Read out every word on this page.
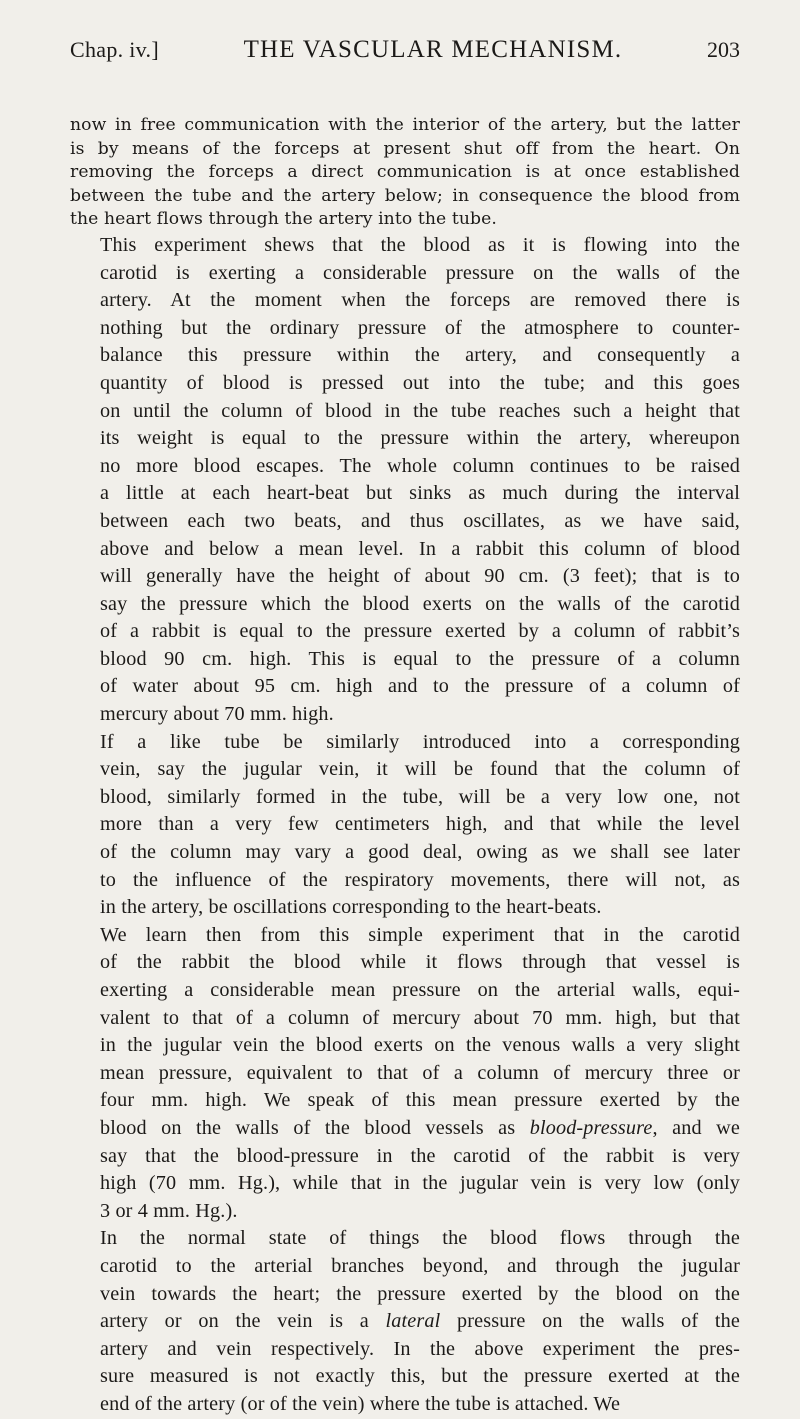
Chap. iv.]	THE VASCULAR MECHANISM.	203
now in free communication with the interior of the artery, but the latter
is by means of the forceps at present shut off from the heart. On
removing the forceps a direct communication is at once established
between the tube and the artery below; in consequence the blood from
the heart flows through the artery into the tube.
This experiment shews that the blood as it is flowing into the
carotid is exerting a considerable pressure on the walls of the
artery. At the moment when the forceps are removed there is
nothing but the ordinary pressure of the atmosphere to counter-
balance this pressure within the artery, and consequently a
quantity of blood is pressed out into the tube; and this goes
on until the column of blood in the tube reaches such a height that
its weight is equal to the pressure within the artery, whereupon
no more blood escapes. The whole column continues to be raised
a little at each heart-beat but sinks as much during the interval
between each two beats, and thus oscillates, as we have said,
above and below a mean level. In a rabbit this column of blood
will generally have the height of about 90 cm. (3 feet); that is to
say the pressure which the blood exerts on the walls of the carotid
of a rabbit is equal to the pressure exerted by a column of rabbit’s
blood 90 cm. high. This is equal to the pressure of a column
of water about 95 cm. high and to the pressure of a column of
mercury about 70 mm. high.
If a like tube be similarly introduced into a corresponding
vein, say the jugular vein, it will be found that the column of
blood, similarly formed in the tube, will be a very low one, not
more than a very few centimeters high, and that while the level
of the column may vary a good deal, owing as we shall see later
to the influence of the respiratory movements, there will not, as
in the artery, be oscillations corresponding to the heart-beats.
We learn then from this simple experiment that in the carotid
of the rabbit the blood while it flows through that vessel is
exerting a considerable mean pressure on the arterial walls, equi-
valent to that of a column of mercury about 70 mm. high, but that
in the jugular vein the blood exerts on the venous walls a very slight
mean pressure, equivalent to that of a column of mercury three or
four mm. high. We speak of this mean pressure exerted by the
blood on the walls of the blood vessels as blood-pressure, and we
say that the blood-pressure in the carotid of the rabbit is very
high (70 mm. Hg.), while that in the jugular vein is very low (only
3 or 4 mm. Hg.).
In the normal state of things the blood flows through the
carotid to the arterial branches beyond, and through the jugular
vein towards the heart; the pressure exerted by the blood on the
artery or on the vein is a lateral pressure on the walls of the
artery and vein respectively. In the above experiment the pres-
sure measured is not exactly this, but the pressure exerted at the
end of the artery (or of the vein) where the tube is attached. We
